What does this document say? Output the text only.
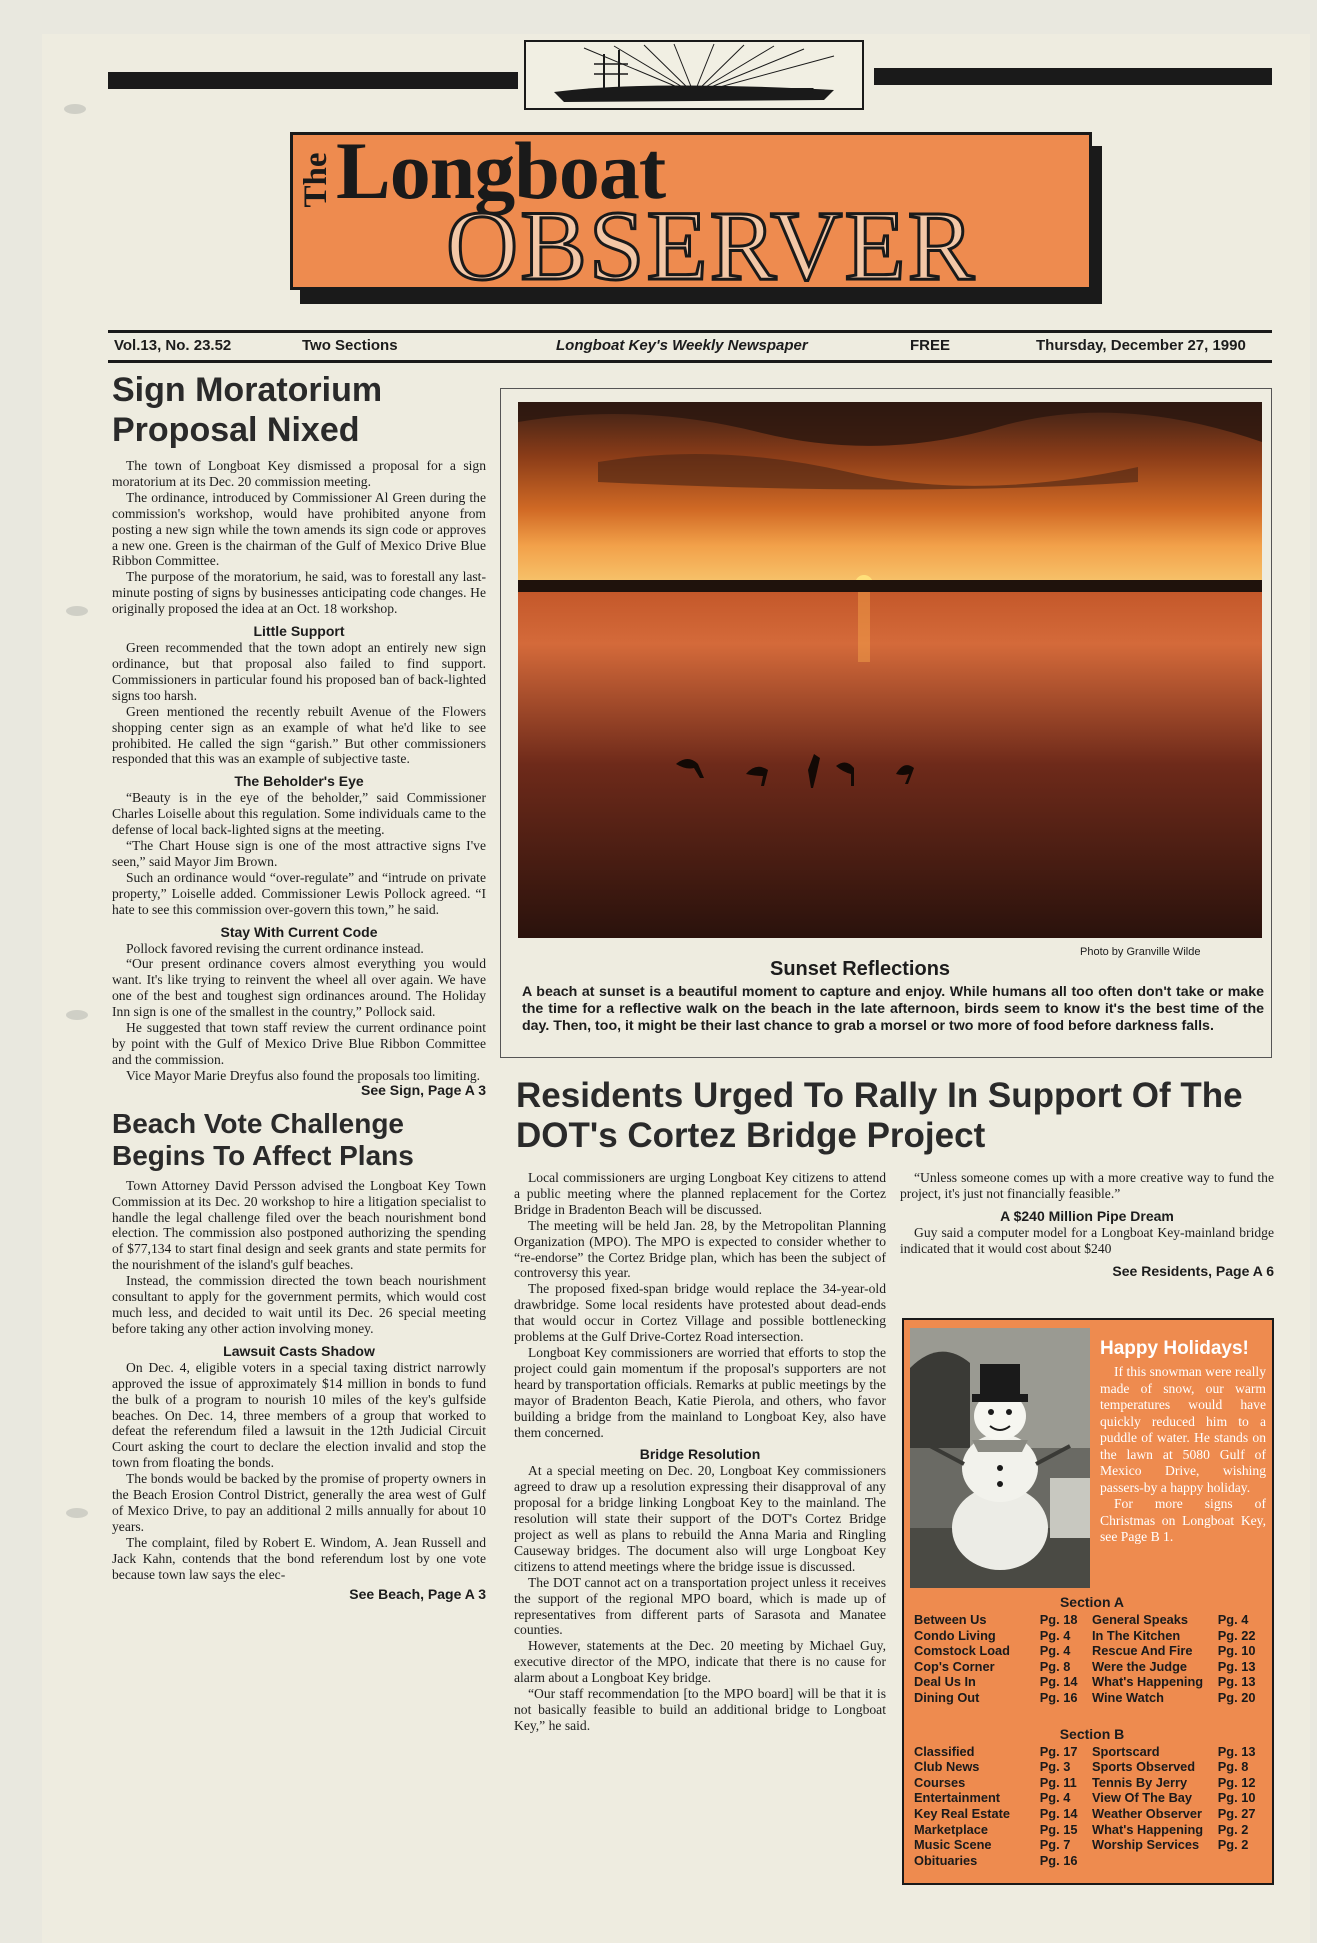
The Longboat
OBSERVER
Vol.13, No. 23.52	Two Sections	Longboat Key's Weekly Newspaper	FREE	Thursday, December 27, 1990
Sign Moratorium Proposal Nixed

The town of Longboat Key dismissed a proposal for a sign moratorium at its Dec. 20 commission meeting.

The ordinance, introduced by Commissioner Al Green during the commission's workshop, would have prohibited anyone from posting a new sign while the town amends its sign code or approves a new one. Green is the chairman of the Gulf of Mexico Drive Blue Ribbon Committee.

The purpose of the moratorium, he said, was to forestall any last-minute posting of signs by businesses anticipating code changes. He originally proposed the idea at an Oct. 18 workshop.

Little Support

Green recommended that the town adopt an entirely new sign ordinance, but that proposal also failed to find support. Commissioners in particular found his proposed ban of back-lighted signs too harsh.

Green mentioned the recently rebuilt Avenue of the Flowers shopping center sign as an example of what he'd like to see prohibited. He called the sign “garish.” But other commissioners responded that this was an example of subjective taste.

The Beholder's Eye

“Beauty is in the eye of the beholder,” said Commissioner Charles Loiselle about this regulation. Some individuals came to the defense of local back-lighted signs at the meeting.

“The Chart House sign is one of the most attractive signs I've seen,” said Mayor Jim Brown.

Such an ordinance would “over-regulate” and “intrude on private property,” Loiselle added. Commissioner Lewis Pollock agreed. “I hate to see this commission over-govern this town,” he said.

Stay With Current Code

Pollock favored revising the current ordinance instead.

“Our present ordinance covers almost everything you would want. It's like trying to reinvent the wheel all over again. We have one of the best and toughest sign ordinances around. The Holiday Inn sign is one of the smallest in the country,” Pollock said.

He suggested that town staff review the current ordinance point by point with the Gulf of Mexico Drive Blue Ribbon Committee and the commission.

Vice Mayor Marie Dreyfus also found the proposals too limiting.

See Sign, Page A 3
Beach Vote Challenge Begins To Affect Plans

Town Attorney David Persson advised the Longboat Key Town Commission at its Dec. 20 workshop to hire a litigation specialist to handle the legal challenge filed over the beach nourishment bond election. The commission also postponed authorizing the spending of $77,134 to start final design and seek grants and state permits for the nourishment of the island's gulf beaches.

Instead, the commission directed the town beach nourishment consultant to apply for the government permits, which would cost much less, and decided to wait until its Dec. 26 special meeting before taking any other action involving money.

Lawsuit Casts Shadow

On Dec. 4, eligible voters in a special taxing district narrowly approved the issue of approximately $14 million in bonds to fund the bulk of a program to nourish 10 miles of the key's gulfside beaches. On Dec. 14, three members of a group that worked to defeat the referendum filed a lawsuit in the 12th Judicial Circuit Court asking the court to declare the election invalid and stop the town from floating the bonds.

The bonds would be backed by the promise of property owners in the Beach Erosion Control District, generally the area west of Gulf of Mexico Drive, to pay an additional 2 mills annually for about 10 years.

The complaint, filed by Robert E. Windom, A. Jean Russell and Jack Kahn, contends that the bond referendum lost by one vote because town law says the elec-

See Beach, Page A 3
Photo by Granville Wilde
Sunset Reflections
A beach at sunset is a beautiful moment to capture and enjoy. While humans all too often don't take or make the time for a reflective walk on the beach in the late afternoon, birds seem to know it's the best time of the day. Then, too, it might be their last chance to grab a morsel or two more of food before darkness falls.
Residents Urged To Rally In Support Of The DOT's Cortez Bridge Project

Local commissioners are urging Longboat Key citizens to attend a public meeting where the planned replacement for the Cortez Bridge in Bradenton Beach will be discussed.

The meeting will be held Jan. 28, by the Metropolitan Planning Organization (MPO). The MPO is expected to consider whether to “re-endorse” the Cortez Bridge plan, which has been the subject of controversy this year.

The proposed fixed-span bridge would replace the 34-year-old drawbridge. Some local residents have protested about dead-ends that would occur in Cortez Village and possible bottlenecking problems at the Gulf Drive-Cortez Road intersection.

Longboat Key commissioners are worried that efforts to stop the project could gain momentum if the proposal's supporters are not heard by transportation officials. Remarks at public meetings by the mayor of Bradenton Beach, Katie Pierola, and others, who favor building a bridge from the mainland to Longboat Key, also have them concerned.

Bridge Resolution

At a special meeting on Dec. 20, Longboat Key commissioners agreed to draw up a resolution expressing their disapproval of any proposal for a bridge linking Longboat Key to the mainland. The resolution will state their support of the DOT's Cortez Bridge project as well as plans to rebuild the Anna Maria and Ringling Causeway bridges. The document also will urge Longboat Key citizens to attend meetings where the bridge issue is discussed.

The DOT cannot act on a transportation project unless it receives the support of the regional MPO board, which is made up of representatives from different parts of Sarasota and Manatee counties.

However, statements at the Dec. 20 meeting by Michael Guy, executive director of the MPO, indicate that there is no cause for alarm about a Longboat Key bridge.

“Our staff recommendation [to the MPO board] will be that it is not basically feasible to build an additional bridge to Longboat Key,” he said.

“Unless someone comes up with a more creative way to fund the project, it's just not financially feasible.”

A $240 Million Pipe Dream

Guy said a computer model for a Longboat Key-mainland bridge indicated that it would cost about $240

See Residents, Page A 6
Happy Holidays!

If this snowman were really made of snow, our warm temperatures would have quickly reduced him to a puddle of water. He stands on the lawn at 5080 Gulf of Mexico Drive, wishing passers-by a happy holiday.

For more signs of Christmas on Longboat Key, see Page B 1.

Section A
Between Us	Pg. 18	General Speaks	Pg. 4
Condo Living	Pg. 4	In The Kitchen	Pg. 22
Comstock Load	Pg. 4	Rescue And Fire	Pg. 10
Cop's Corner	Pg. 8	Were the Judge	Pg. 13
Deal Us In	Pg. 14	What's Happening	Pg. 13
Dining Out	Pg. 16	Wine Watch	Pg. 20
Section B
Classified	Pg. 17	Sportscard	Pg. 13
Club News	Pg. 3	Sports Observed	Pg. 8
Courses	Pg. 11	Tennis By Jerry	Pg. 12
Entertainment	Pg. 4	View Of The Bay	Pg. 10
Key Real Estate	Pg. 14	Weather Observer	Pg. 27
Marketplace	Pg. 15	What's Happening	Pg. 2
Music Scene	Pg. 7	Worship Services	Pg. 2
Obituaries	Pg. 16
